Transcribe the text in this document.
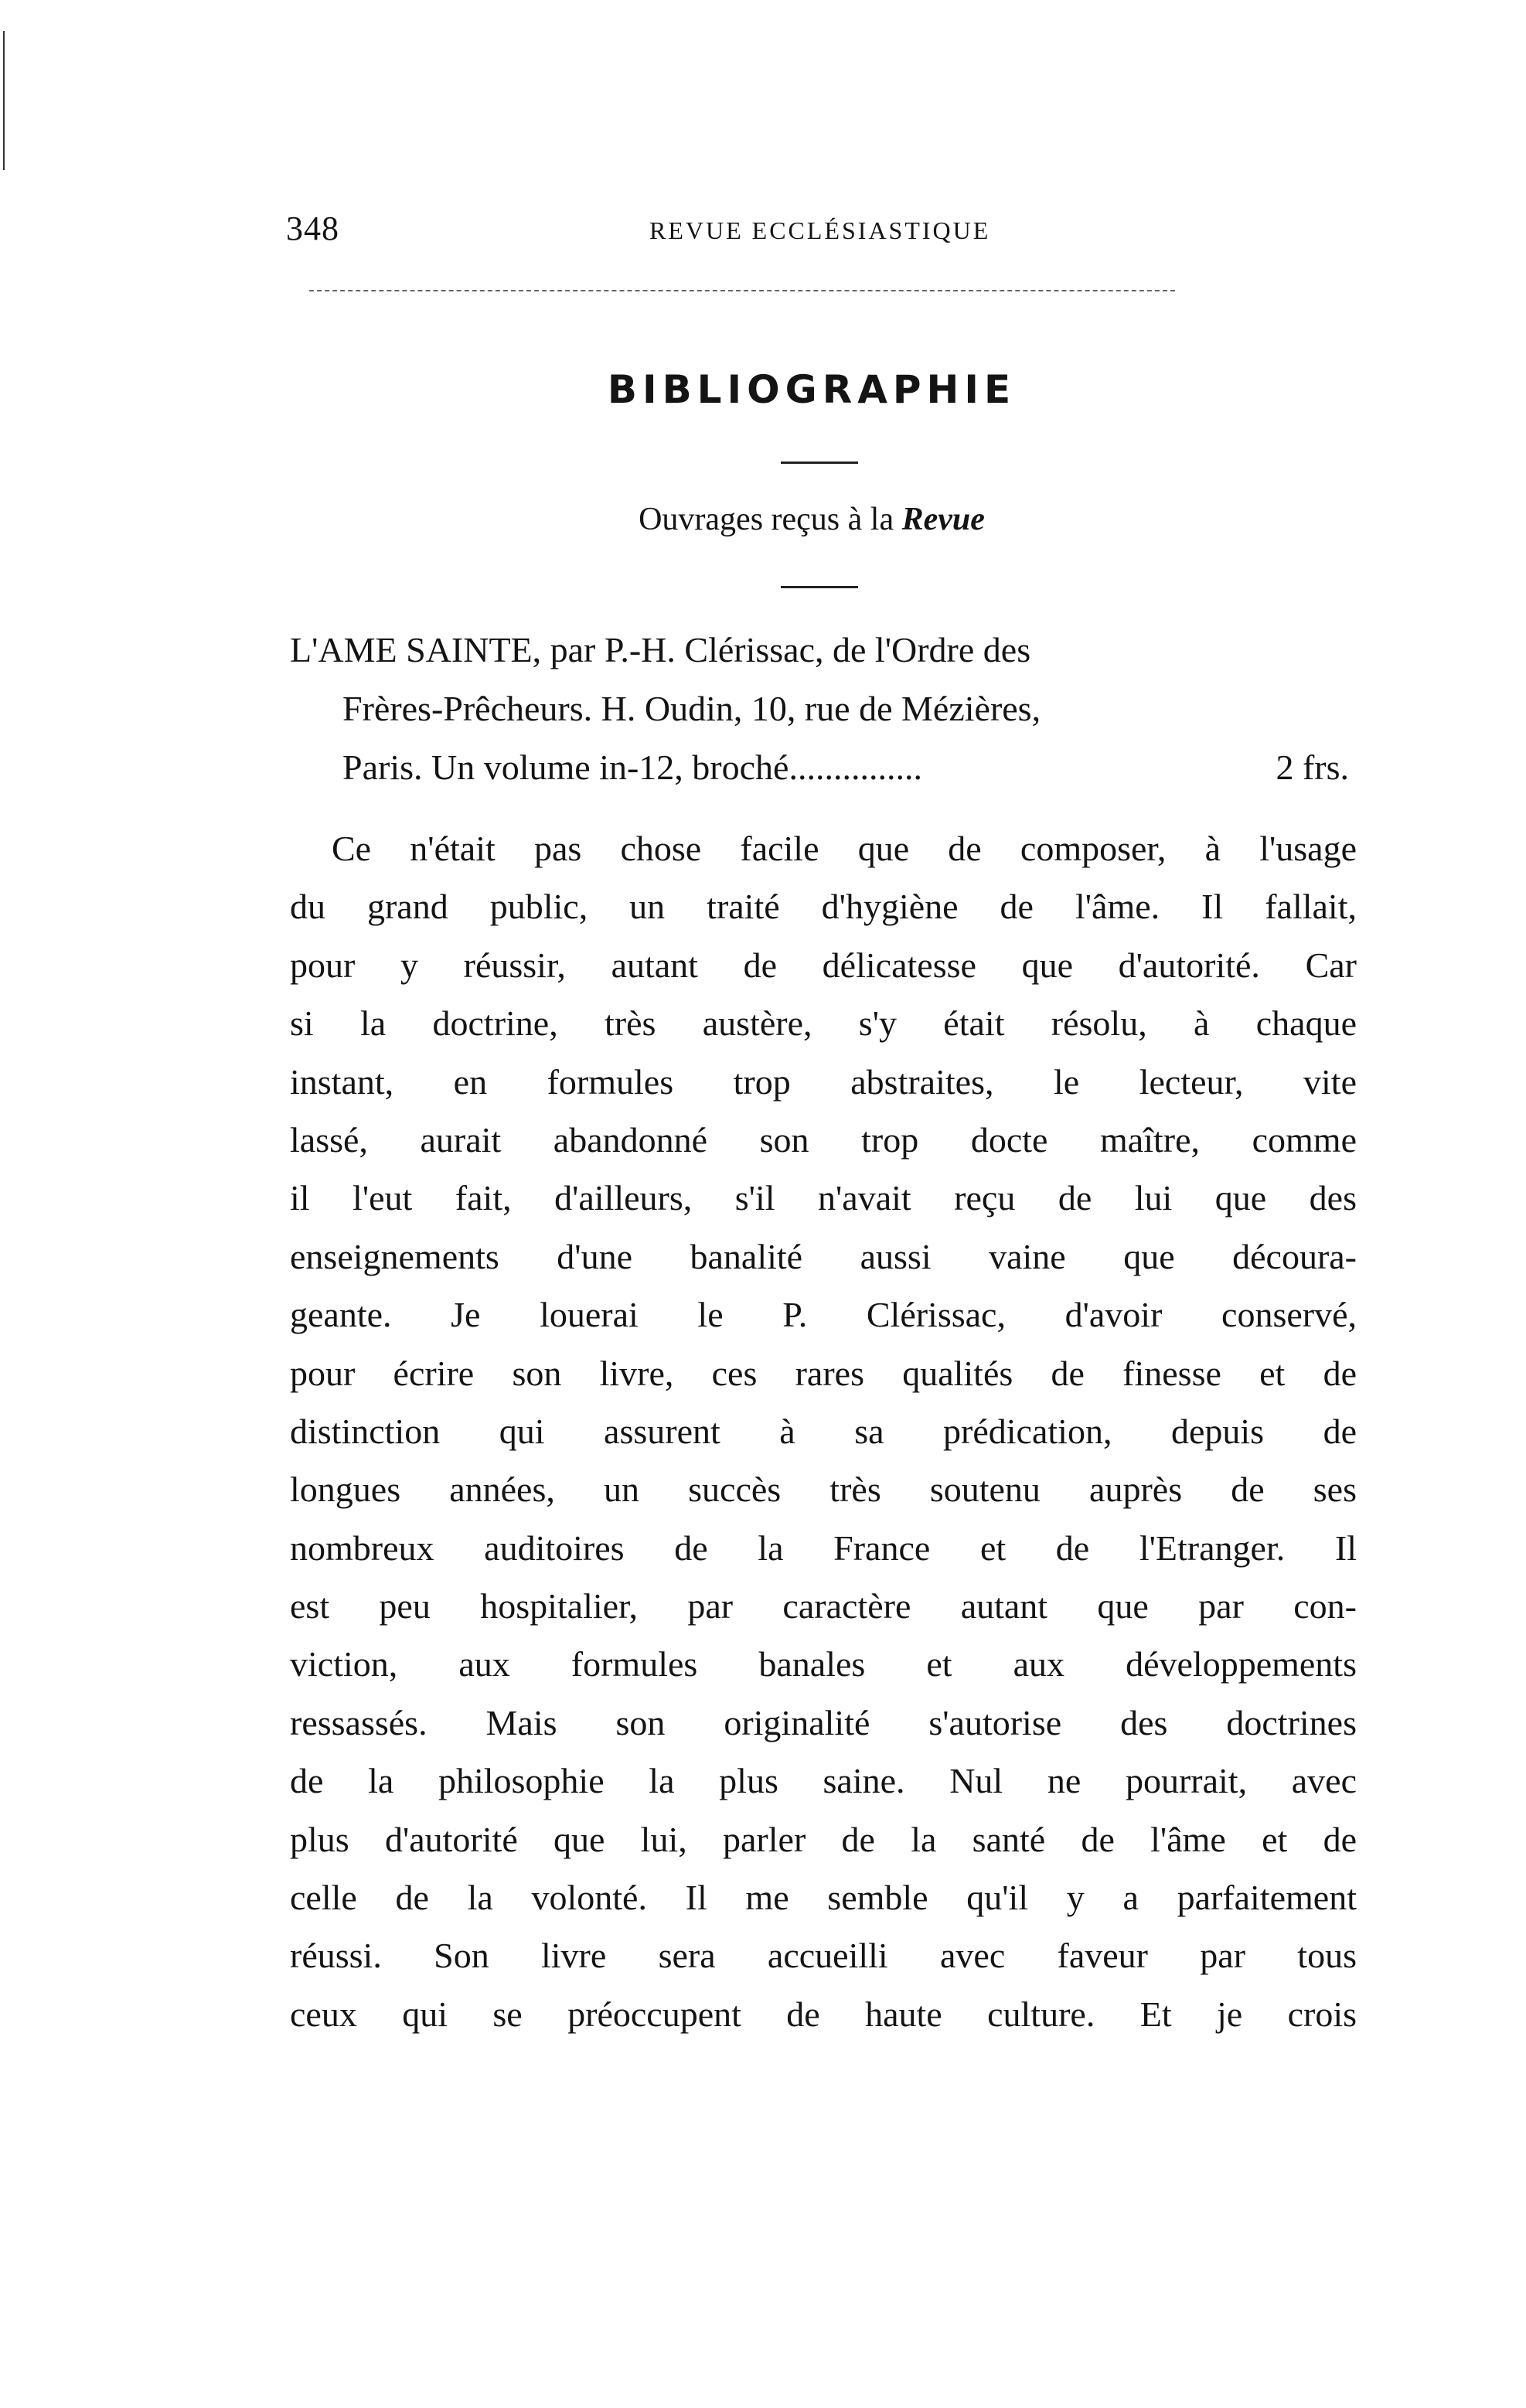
348	REVUE ECCLÉSIASTIQUE
BIBLIOGRAPHIE
Ouvrages reçus à la Revue
L'AME SAINTE, par P.-H. Clérissac, de l'Ordre des
Frères-Prêcheurs. H. Oudin, 10, rue de Mézières,
Paris. Un volume in-12, broché...............	2 frs.
Ce n'était pas chose facile que de composer, à l'usage
du grand public, un traité d'hygiène de l'âme. Il fallait,
pour y réussir, autant de délicatesse que d'autorité. Car
si la doctrine, très austère, s'y était résolu, à chaque
instant, en formules trop abstraites, le lecteur, vite
lassé, aurait abandonné son trop docte maître, comme
il l'eut fait, d'ailleurs, s'il n'avait reçu de lui que des
enseignements d'une banalité aussi vaine que découra-
geante. Je louerai le P. Clérissac, d'avoir conservé,
pour écrire son livre, ces rares qualités de finesse et de
distinction qui assurent à sa prédication, depuis de
longues années, un succès très soutenu auprès de ses
nombreux auditoires de la France et de l'Etranger. Il
est peu hospitalier, par caractère autant que par con-
viction, aux formules banales et aux développements
ressassés. Mais son originalité s'autorise des doctrines
de la philosophie la plus saine. Nul ne pourrait, avec
plus d'autorité que lui, parler de la santé de l'âme et de
celle de la volonté. Il me semble qu'il y a parfaitement
réussi. Son livre sera accueilli avec faveur par tous
ceux qui se préoccupent de haute culture. Et je crois
